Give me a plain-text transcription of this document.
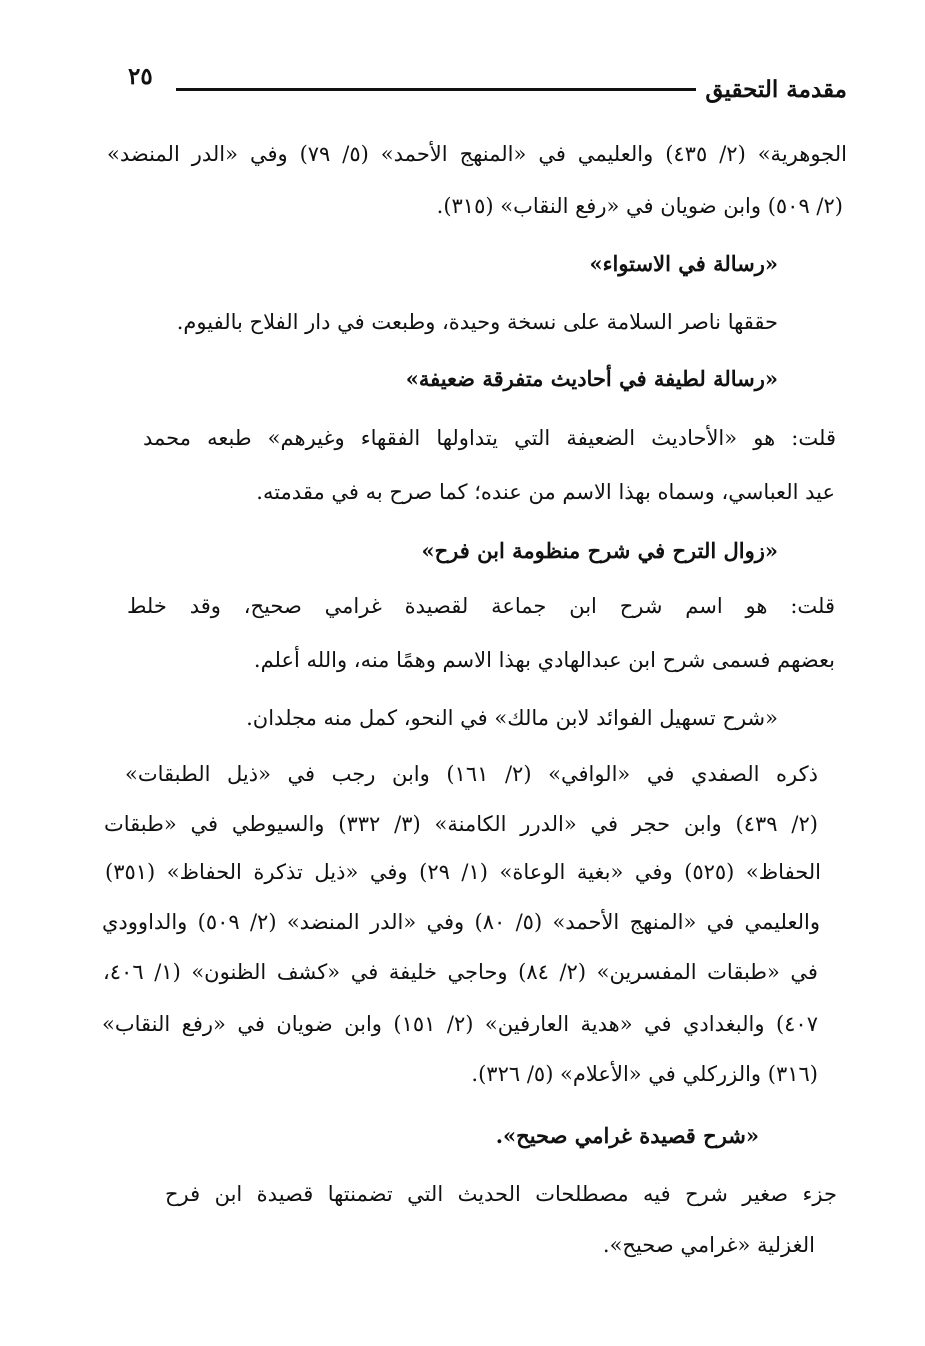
مقدمة التحقيق
٢٥
الجوهرية» (٢/ ٤٣٥) والعليمي في «المنهج الأحمد» (٥/ ٧٩) وفي «الدر المنضد»
(٢/ ٥٠٩) وابن ضويان في «رفع النقاب» (٣١٥).
«رسالة في الاستواء»
حققها ناصر السلامة على نسخة وحيدة، وطبعت في دار الفلاح بالفيوم.
«رسالة لطيفة في أحاديث متفرقة ضعيفة»
قلت: هو «الأحاديث الضعيفة التي يتداولها الفقهاء وغيرهم» طبعه محمد
عيد العباسي، وسماه بهذا الاسم من عنده؛ كما صرح به في مقدمته.
«زوال الترح في شرح منظومة ابن فرح»
قلت: هو اسم شرح ابن جماعة لقصيدة غرامي صحيح، وقد خلط
بعضهم فسمى شرح ابن عبدالهادي بهذا الاسم وهمًا منه، والله أعلم.
«شرح تسهيل الفوائد لابن مالك» في النحو، كمل منه مجلدان.
ذكره الصفدي في «الوافي» (٢/ ١٦١) وابن رجب في «ذيل الطبقات»
(٢/ ٤٣٩) وابن حجر في «الدرر الكامنة» (٣/ ٣٣٢) والسيوطي في «طبقات
الحفاظ» (٥٢٥) وفي «بغية الوعاة» (١/ ٢٩) وفي «ذيل تذكرة الحفاظ» (٣٥١)
والعليمي في «المنهج الأحمد» (٥/ ٨٠) وفي «الدر المنضد» (٢/ ٥٠٩) والداوودي
في «طبقات المفسرين» (٢/ ٨٤) وحاجي خليفة في «كشف الظنون» (١/ ٤٠٦،
٤٠٧) والبغدادي في «هدية العارفين» (٢/ ١٥١) وابن ضويان في «رفع النقاب»
(٣١٦) والزركلي في «الأعلام» (٥/ ٣٢٦).
«شرح قصيدة غرامي صحيح».
جزء صغير شرح فيه مصطلحات الحديث التي تضمنتها قصيدة ابن فرح
الغزلية «غرامي صحيح».
